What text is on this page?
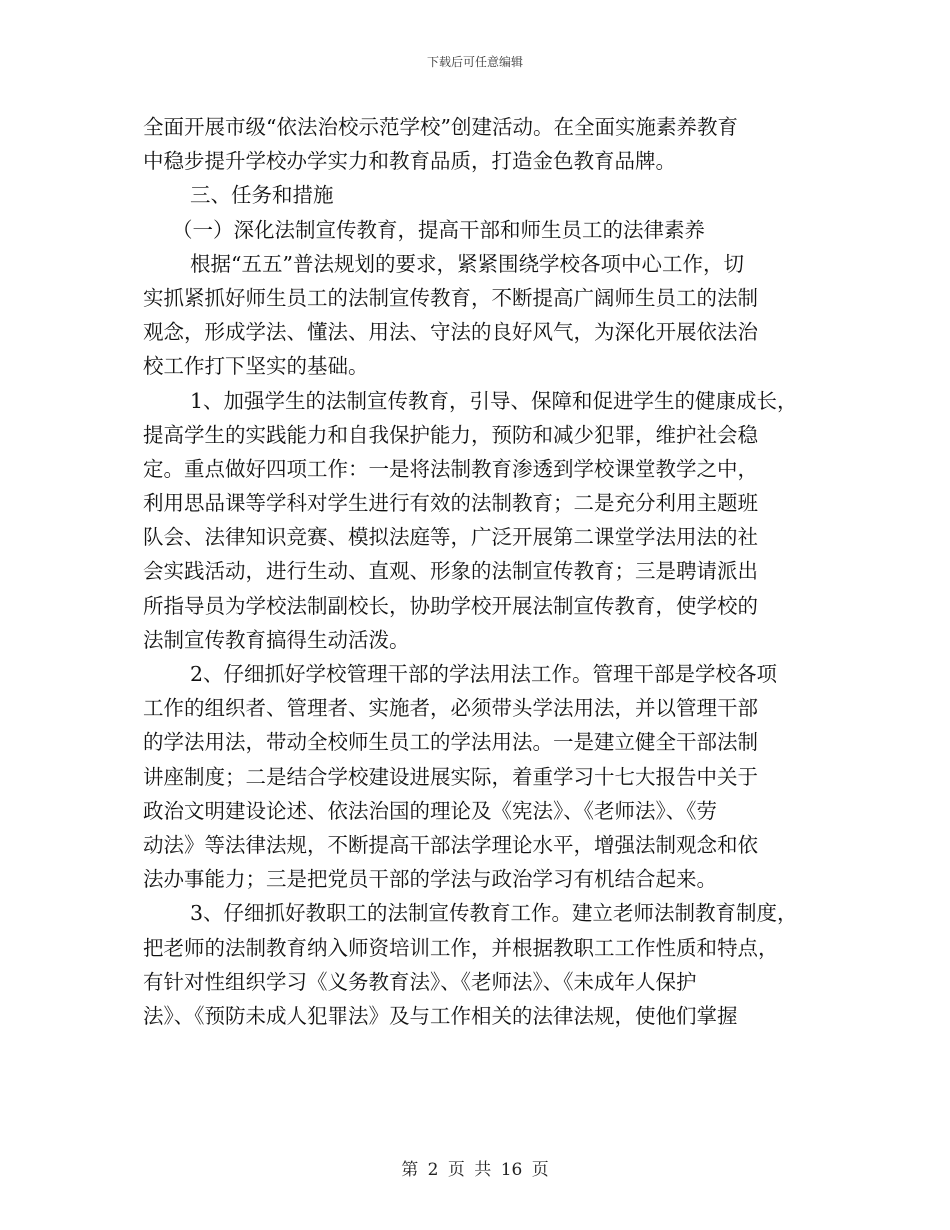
下载后可任意编辑
全面开展市级“依法治校示范学校”创建活动。在全面实施素养教育
中稳步提升学校办学实力和教育品质，打造金色教育品牌。
三、任务和措施
（一）深化法制宣传教育，提高干部和师生员工的法律素养
根据“五五”普法规划的要求，紧紧围绕学校各项中心工作，切
实抓紧抓好师生员工的法制宣传教育，不断提高广阔师生员工的法制
观念，形成学法、懂法、用法、守法的良好风气，为深化开展依法治
校工作打下坚实的基础。
1、加强学生的法制宣传教育，引导、保障和促进学生的健康成长，
提高学生的实践能力和自我保护能力，预防和减少犯罪，维护社会稳
定。重点做好四项工作：一是将法制教育渗透到学校课堂教学之中，
利用思品课等学科对学生进行有效的法制教育；二是充分利用主题班
队会、法律知识竞赛、模拟法庭等，广泛开展第二课堂学法用法的社
会实践活动，进行生动、直观、形象的法制宣传教育；三是聘请派出
所指导员为学校法制副校长，协助学校开展法制宣传教育，使学校的
法制宣传教育搞得生动活泼。
2、仔细抓好学校管理干部的学法用法工作。管理干部是学校各项
工作的组织者、管理者、实施者，必须带头学法用法，并以管理干部
的学法用法，带动全校师生员工的学法用法。一是建立健全干部法制
讲座制度；二是结合学校建设进展实际，着重学习十七大报告中关于
政治文明建设论述、依法治国的理论及《宪法》、《老师法》、《劳
动法》等法律法规，不断提高干部法学理论水平，增强法制观念和依
法办事能力；三是把党员干部的学法与政治学习有机结合起来。
3、仔细抓好教职工的法制宣传教育工作。建立老师法制教育制度，
把老师的法制教育纳入师资培训工作，并根据教职工工作性质和特点，
有针对性组织学习《义务教育法》、《老师法》、《未成年人保护
法》、《预防未成人犯罪法》及与工作相关的法律法规，使他们掌握
第 2 页 共 16 页
